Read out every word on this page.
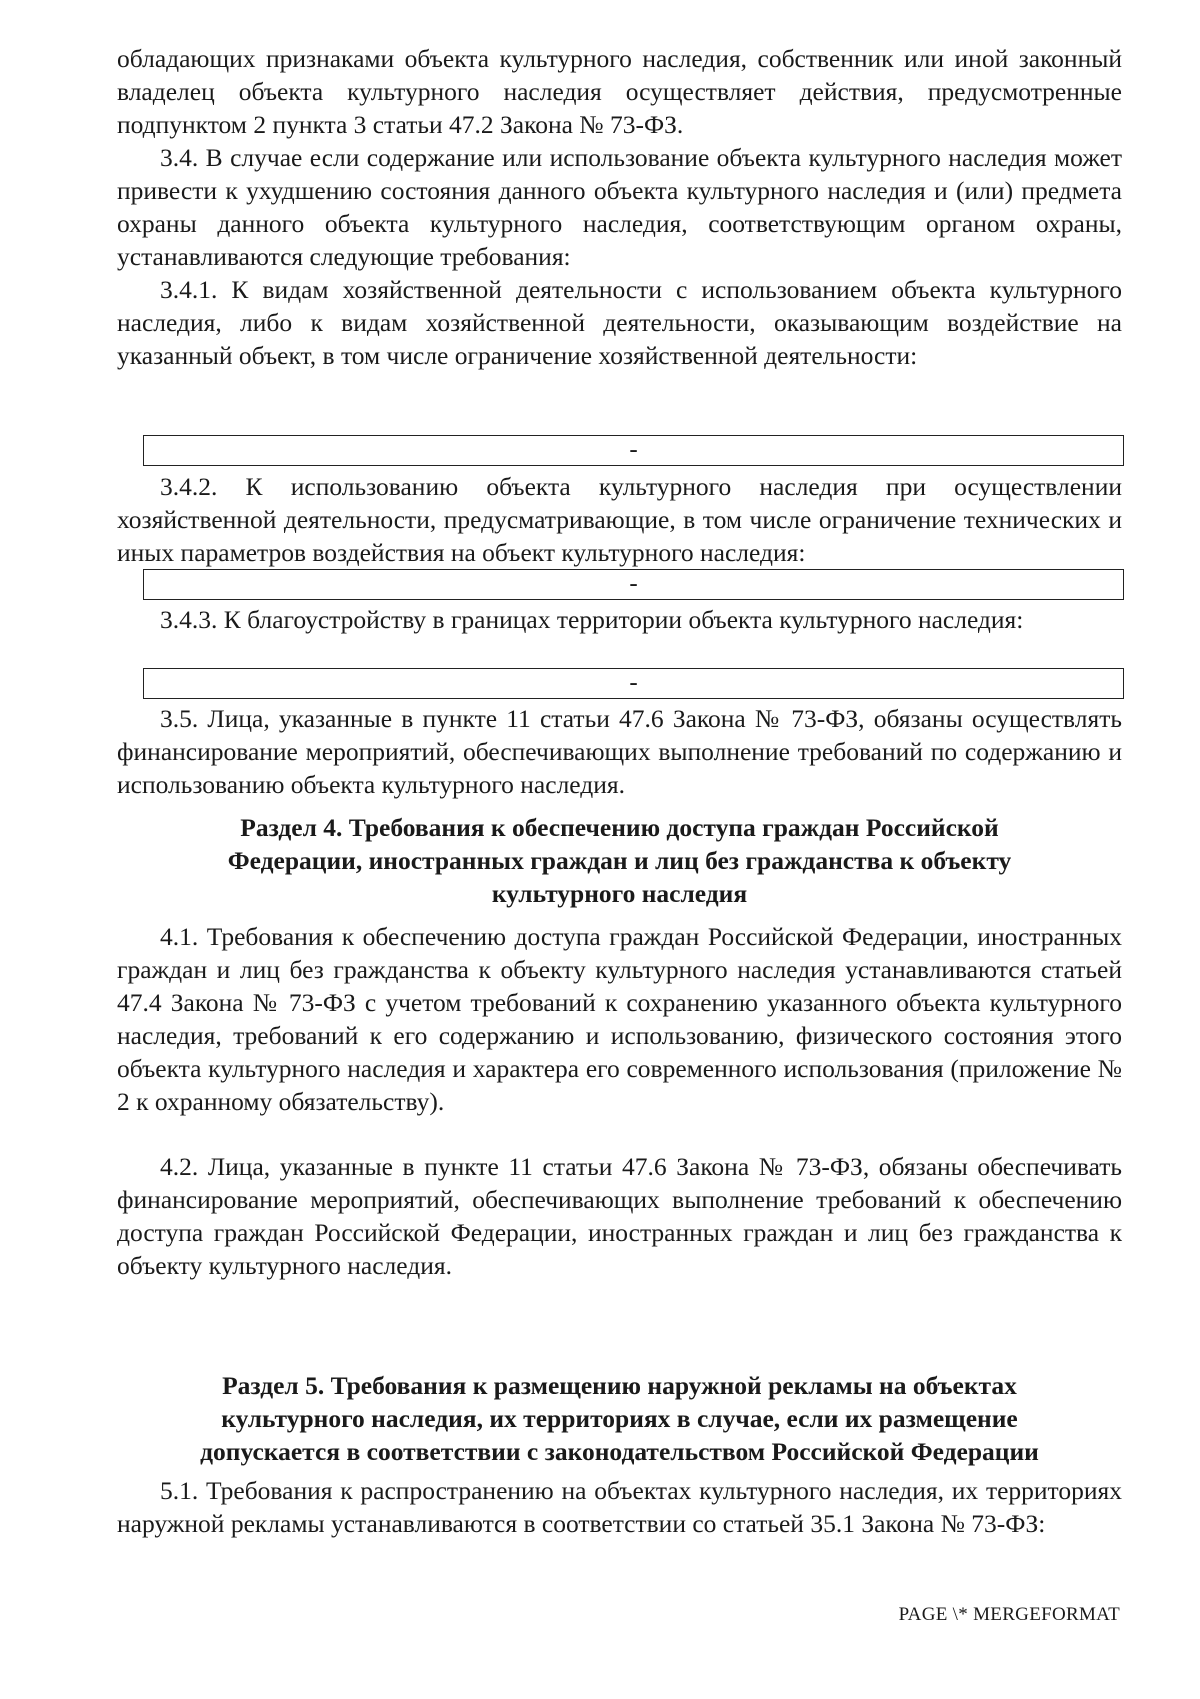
обладающих признаками объекта культурного наследия, собственник или иной законный владелец объекта культурного наследия осуществляет действия, предусмотренные подпунктом 2 пункта 3 статьи 47.2 Закона № 73-ФЗ.

3.4. В случае если содержание или использование объекта культурного наследия может привести к ухудшению состояния данного объекта культурного наследия и (или) предмета охраны данного объекта культурного наследия, соответствующим органом охраны, устанавливаются следующие требования:

3.4.1. К видам хозяйственной деятельности с использованием объекта культурного наследия, либо к видам хозяйственной деятельности, оказывающим воздействие на указанный объект, в том числе ограничение хозяйственной деятельности:

-

3.4.2. К использованию объекта культурного наследия при осуществлении хозяйственной деятельности, предусматривающие, в том числе ограничение технических и иных параметров воздействия на объект культурного наследия:

-

3.4.3. К благоустройству в границах территории объекта культурного наследия:

-

3.5. Лица, указанные в пункте 11 статьи 47.6 Закона № 73-ФЗ, обязаны осуществлять финансирование мероприятий, обеспечивающих выполнение требований по содержанию и использованию объекта культурного наследия.

Раздел 4. Требования к обеспечению доступа граждан Российской
Федерации, иностранных граждан и лиц без гражданства к объекту
культурного наследия

4.1. Требования к обеспечению доступа граждан Российской Федерации, иностранных граждан и лиц без гражданства к объекту культурного наследия устанавливаются статьей 47.4 Закона № 73-ФЗ с учетом требований к сохранению указанного объекта культурного наследия, требований к его содержанию и использованию, физического состояния этого объекта культурного наследия и характера его современного использования (приложение № 2 к охранному обязательству).

4.2. Лица, указанные в пункте 11 статьи 47.6 Закона № 73-ФЗ, обязаны обеспечивать финансирование мероприятий, обеспечивающих выполнение требований к обеспечению доступа граждан Российской Федерации, иностранных граждан и лиц без гражданства к объекту культурного наследия.

Раздел 5. Требования к размещению наружной рекламы на объектах
культурного наследия, их территориях в случае, если их размещение
допускается в соответствии с законодательством Российской Федерации

5.1. Требования к распространению на объектах культурного наследия, их территориях наружной рекламы устанавливаются в соответствии со статьей 35.1 Закона № 73-ФЗ:

PAGE \* MERGEFORMAT
